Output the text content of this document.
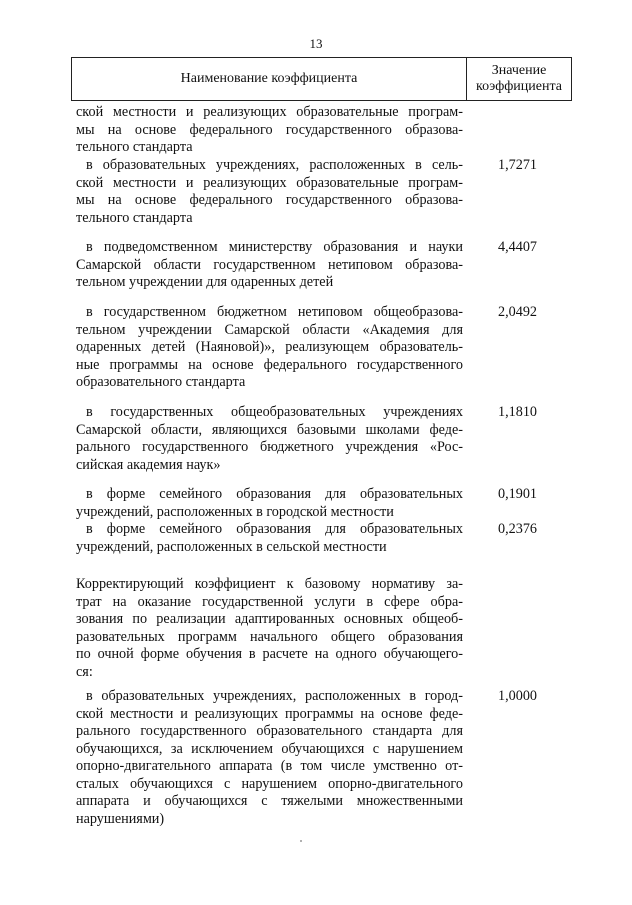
13
Наименование коэффициента
Значение
коэффициента
ской местности и реализующих образовательные програм-
мы на основе федерального государственного образова-
тельного стандарта
в образовательных учреждениях, расположенных в сель-
ской местности и реализующих образовательные програм-
мы на основе федерального государственного образова-
тельного стандарта
1,7271
в подведомственном министерству образования и науки
Самарской области государственном нетиповом образова-
тельном учреждении для одаренных детей
4,4407
в государственном бюджетном нетиповом общеобразова-
тельном учреждении Самарской области «Академия для
одаренных детей (Наяновой)», реализующем образователь-
ные программы на основе федерального государственного
образовательного стандарта
2,0492
в государственных общеобразовательных учреждениях
Самарской области, являющихся базовыми школами феде-
рального государственного бюджетного учреждения «Рос-
сийская академия наук»
1,1810
в форме семейного образования для образовательных
учреждений, расположенных в городской местности
0,1901
в форме семейного образования для образовательных
учреждений, расположенных в сельской местности
0,2376
Корректирующий коэффициент к базовому нормативу за-
трат на оказание государственной услуги в сфере обра-
зования по реализации адаптированных основных общеоб-
разовательных программ начального общего образования
по очной форме обучения в расчете на одного обучающего-
ся:
в образовательных учреждениях, расположенных в город-
ской местности и реализующих программы на основе феде-
рального государственного образовательного стандарта для
обучающихся, за исключением обучающихся с нарушением
опорно-двигательного аппарата (в том числе умственно от-
сталых обучающихся с нарушением опорно-двигательного
аппарата и обучающихся с тяжелыми множественными
нарушениями)
1,0000
